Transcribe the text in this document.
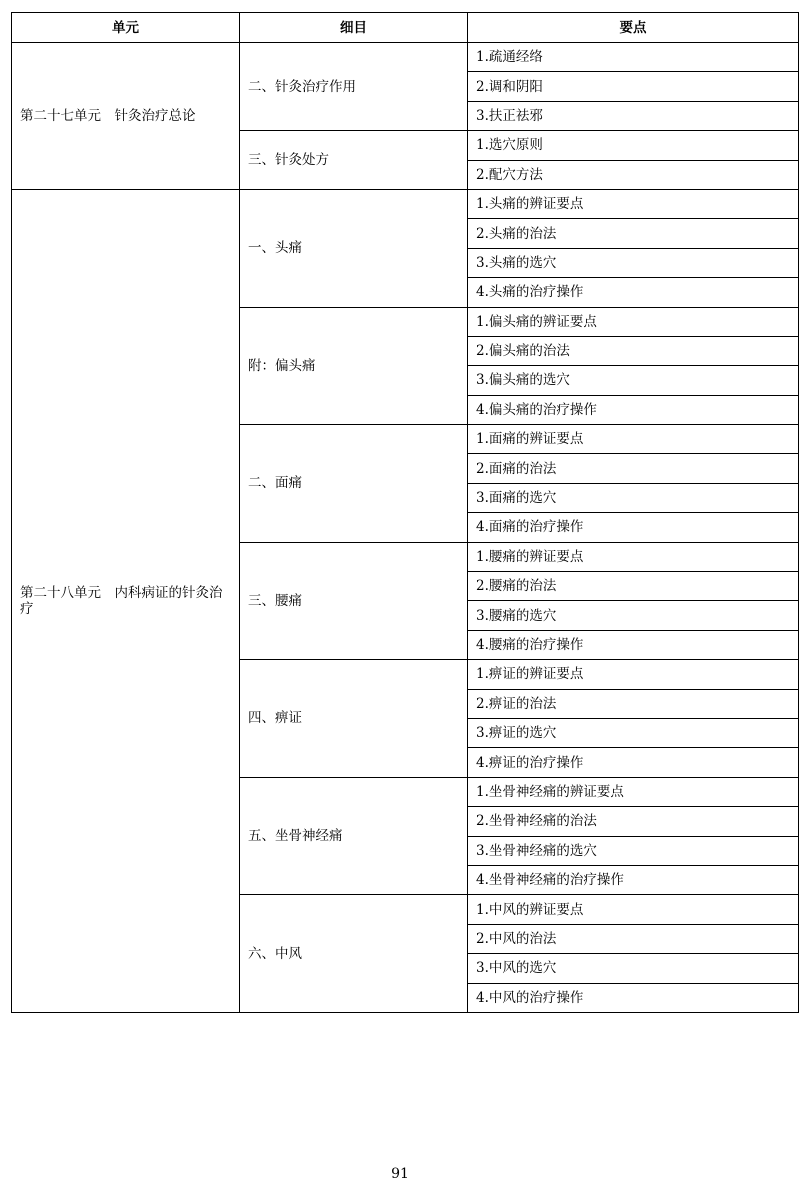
单元	细目	要点
第二十七单元　针灸治疗总论	二、针灸治疗作用	1.疏通经络
		2.调和阴阳
		3.扶正祛邪
	三、针灸处方	1.选穴原则
		2.配穴方法
第二十八单元　内科病证的针灸治疗	一、头痛	1.头痛的辨证要点
		2.头痛的治法
		3.头痛的选穴
		4.头痛的治疗操作
	附：偏头痛	1.偏头痛的辨证要点
		2.偏头痛的治法
		3.偏头痛的选穴
		4.偏头痛的治疗操作
	二、面痛	1.面痛的辨证要点
		2.面痛的治法
		3.面痛的选穴
		4.面痛的治疗操作
	三、腰痛	1.腰痛的辨证要点
		2.腰痛的治法
		3.腰痛的选穴
		4.腰痛的治疗操作
	四、痹证	1.痹证的辨证要点
		2.痹证的治法
		3.痹证的选穴
		4.痹证的治疗操作
	五、坐骨神经痛	1.坐骨神经痛的辨证要点
		2.坐骨神经痛的治法
		3.坐骨神经痛的选穴
		4.坐骨神经痛的治疗操作
	六、中风	1.中风的辨证要点
		2.中风的治法
		3.中风的选穴
		4.中风的治疗操作
91
